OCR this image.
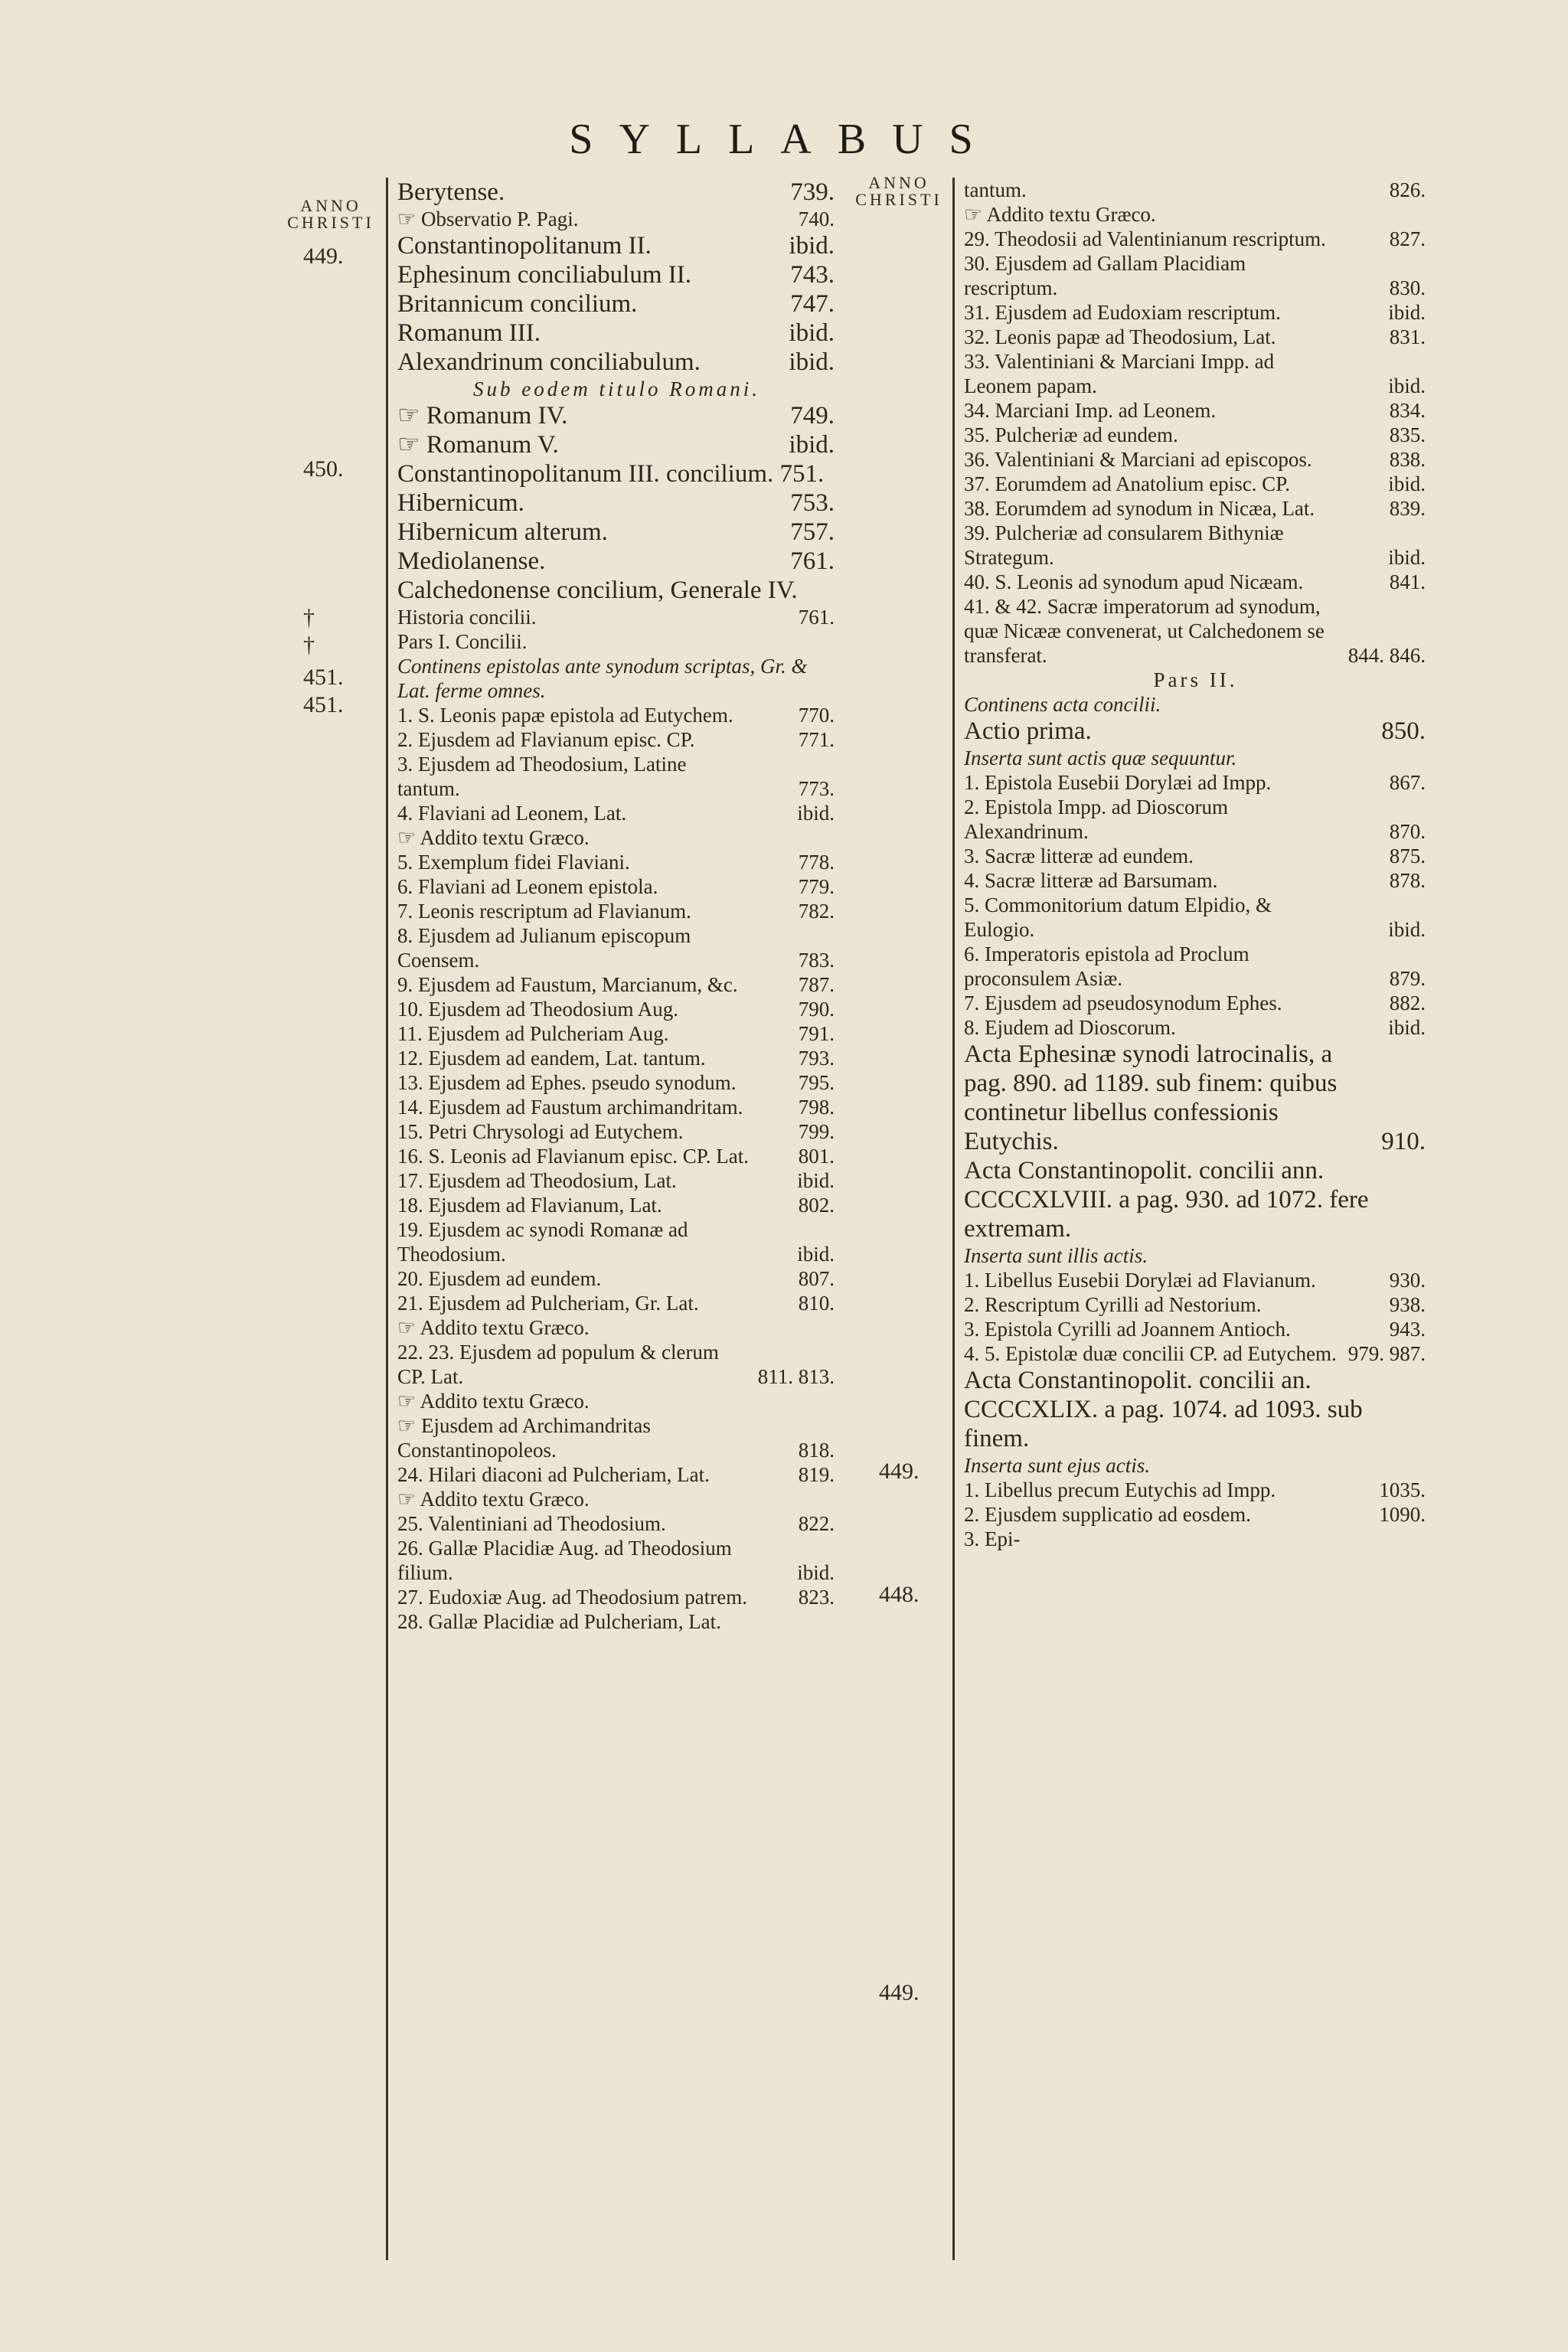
SYLLABUS
ANNO CHRISTI
ANNO CHRISTI
449.
450.
†
†
451.
451.
449.
448.
449.
Berytense.	739.
☞ Observatio P. Pagi.	740.
Constantinopolitanum II.	ibid.
Ephesinum conciliabulum II.	743.
Britannicum concilium.	747.
Romanum III.	ibid.
Alexandrinum conciliabulum.	ibid.
Sub eodem titulo Romani.
☞ Romanum IV.	749.
☞ Romanum V.	ibid.
Constantinopolitanum III. concilium. 751.
Hibernicum.	753.
Hibernicum alterum.	757.
Mediolanense.	761.
Calchedonense concilium, Generale IV.
Historia concilii.	761.
Pars I. Concilii.
Continens epistolas ante synodum scriptas, Gr. & Lat. ferme omnes.
1. S. Leonis papæ epistola ad Eutychem.	770.
2. Ejusdem ad Flavianum episc. CP.	771.
3. Ejusdem ad Theodosium, Latine tantum.	773.
4. Flaviani ad Leonem, Lat.	ibid.
☞ Addito textu Græco.
5. Exemplum fidei Flaviani.	778.
6. Flaviani ad Leonem epistola.	779.
7. Leonis rescriptum ad Flavianum.	782.
8. Ejusdem ad Julianum episcopum Coensem.	783.
9. Ejusdem ad Faustum, Marcianum, &c.	787.
10. Ejusdem ad Theodosium Aug.	790.
11. Ejusdem ad Pulcheriam Aug.	791.
12. Ejusdem ad eandem, Lat. tantum.	793.
13. Ejusdem ad Ephes. pseudo synodum.	795.
14. Ejusdem ad Faustum archimandritam.	798.
15. Petri Chrysologi ad Eutychem.	799.
16. S. Leonis ad Flavianum episc. CP. Lat.	801.
17. Ejusdem ad Theodosium, Lat.	ibid.
18. Ejusdem ad Flavianum, Lat.	802.
19. Ejusdem ac synodi Romanæ ad Theodosium.	ibid.
20. Ejusdem ad eundem.	807.
21. Ejusdem ad Pulcheriam, Gr. Lat.	810.
☞ Addito textu Græco.
22. 23. Ejusdem ad populum & clerum CP. Lat.	811. 813.
☞ Addito textu Græco.
☞ Ejusdem ad Archimandritas Constantinopoleos.	818.
24. Hilari diaconi ad Pulcheriam, Lat.	819.
☞ Addito textu Græco.
25. Valentiniani ad Theodosium.	822.
26. Gallæ Placidiæ Aug. ad Theodosium filium.	ibid.
27. Eudoxiæ Aug. ad Theodosium patrem.	823.
28. Gallæ Placidiæ ad Pulcheriam, Lat.
tantum.	826.
☞ Addito textu Græco.
29. Theodosii ad Valentinianum rescriptum.	827.
30. Ejusdem ad Gallam Placidiam rescriptum.	830.
31. Ejusdem ad Eudoxiam rescriptum.	ibid.
32. Leonis papæ ad Theodosium, Lat.	831.
33. Valentiniani & Marciani Impp. ad Leonem papam.	ibid.
34. Marciani Imp. ad Leonem.	834.
35. Pulcheriæ ad eundem.	835.
36. Valentiniani & Marciani ad episcopos.	838.
37. Eorumdem ad Anatolium episc. CP.	ibid.
38. Eorumdem ad synodum in Nicæa, Lat.	839.
39. Pulcheriæ ad consularem Bithyniæ Strategum.	ibid.
40. S. Leonis ad synodum apud Nicæam.	841.
41. & 42. Sacræ imperatorum ad synodum, quæ Nicææ convenerat, ut Calchedonem se transferat.	844. 846.
Pars II.
Continens acta concilii.
Actio prima.	850.
Inserta sunt actis quæ sequuntur.
1. Epistola Eusebii Dorylæi ad Impp.	867.
2. Epistola Impp. ad Dioscorum Alexandrinum.	870.
3. Sacræ litteræ ad eundem.	875.
4. Sacræ litteræ ad Barsumam.	878.
5. Commonitorium datum Elpidio, & Eulogio.	ibid.
6. Imperatoris epistola ad Proclum proconsulem Asiæ.	879.
7. Ejusdem ad pseudosynodum Ephes.	882.
8. Ejudem ad Dioscorum.	ibid.
Acta Ephesinæ synodi latrocinalis, a pag. 890. ad 1189. sub finem: quibus continetur libellus confessionis Eutychis.	910.
Acta Constantinopolit. concilii ann. CCCCXLVIII. a pag. 930. ad 1072. fere extremam.
Inserta sunt illis actis.
1. Libellus Eusebii Dorylæi ad Flavianum.	930.
2. Rescriptum Cyrilli ad Nestorium.	938.
3. Epistola Cyrilli ad Joannem Antioch.	943.
4. 5. Epistolæ duæ concilii CP. ad Eutychem. 979. 987.
Acta Constantinopolit. concilii an. CCCCXLIX. a pag. 1074. ad 1093. sub finem.
Inserta sunt ejus actis.
1. Libellus precum Eutychis ad Impp.	1035.
2. Ejusdem supplicatio ad eosdem.	1090.
3. Epi-
